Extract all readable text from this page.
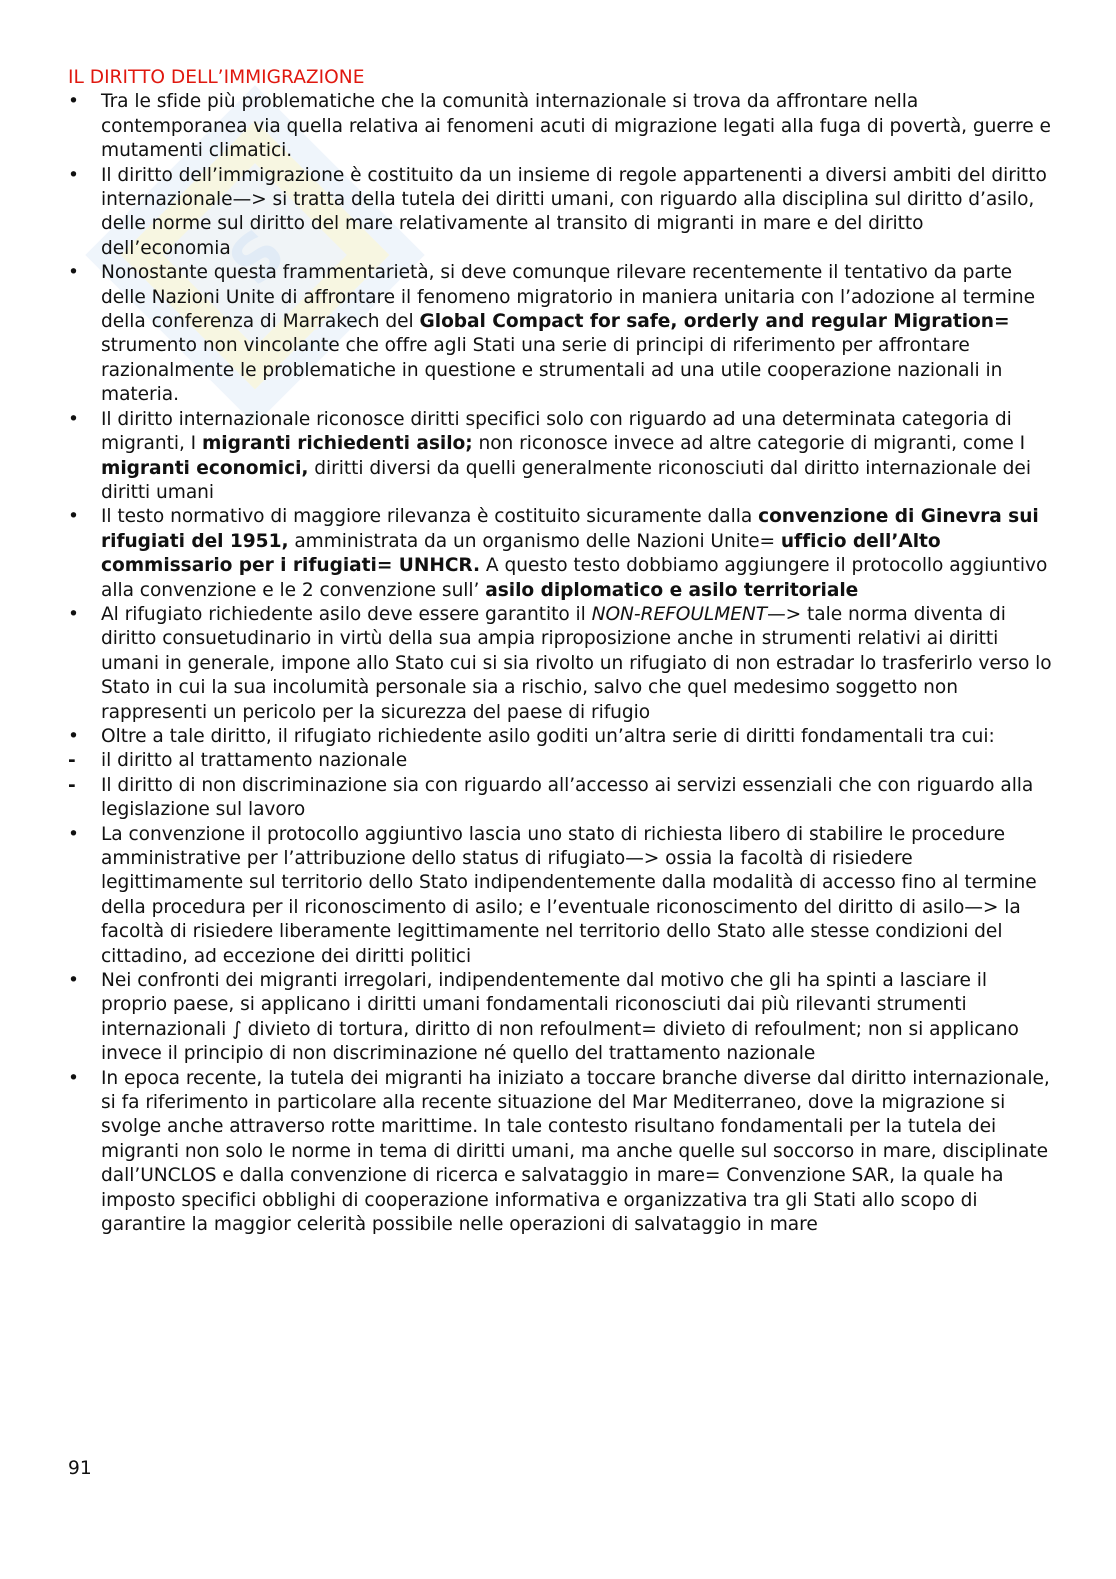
S

IL DIRITTO DELL’IMMIGRAZIONE

•	Tra le sfide più problematiche che la comunità internazionale si trova da affrontare nella contemporanea via quella relativa ai fenomeni acuti di migrazione legati alla fuga di povertà, guerre e mutamenti climatici.
•	Il diritto dell’immigrazione è costituito da un insieme di regole appartenenti a diversi ambiti del diritto internazionale—> si tratta della tutela dei diritti umani, con riguardo alla disciplina sul diritto d’asilo, delle norme sul diritto del mare relativamente al transito di migranti in mare e del diritto dell’economia
•	Nonostante questa frammentarietà, si deve comunque rilevare recentemente il tentativo da parte delle Nazioni Unite di affrontare il fenomeno migratorio in maniera unitaria con l’adozione al termine della conferenza di Marrakech del Global Compact for safe, orderly and regular Migration= strumento non vincolante che offre agli Stati una serie di principi di riferimento per affrontare razionalmente le problematiche in questione e strumentali ad una utile cooperazione nazionali in materia.
•	Il diritto internazionale riconosce diritti specifici solo con riguardo ad una determinata categoria di migranti, I migranti richiedenti asilo; non riconosce invece ad altre categorie di migranti, come I migranti economici, diritti diversi da quelli generalmente riconosciuti dal diritto internazionale dei diritti umani
•	Il testo normativo di maggiore rilevanza è costituito sicuramente dalla convenzione di Ginevra sui rifugiati del 1951, amministrata da un organismo delle Nazioni Unite= ufficio dell’Alto commissario per i rifugiati= UNHCR. A questo testo dobbiamo aggiungere il protocollo aggiuntivo alla convenzione e le 2 convenzione sull’ asilo diplomatico e asilo territoriale
•	Al rifugiato richiedente asilo deve essere garantito il NON-REFOULMENT—> tale norma diventa di diritto consuetudinario in virtù della sua ampia riproposizione anche in strumenti relativi ai diritti umani in generale, impone allo Stato cui si sia rivolto un rifugiato di non estradar lo trasferirlo verso lo Stato in cui la sua incolumità personale sia a rischio, salvo che quel medesimo soggetto non rappresenti un pericolo per la sicurezza del paese di rifugio
•	Oltre a tale diritto, il rifugiato richiedente asilo goditi un’altra serie di diritti fondamentali tra cui:
-	il diritto al trattamento nazionale
-	Il diritto di non discriminazione sia con riguardo all’accesso ai servizi essenziali che con riguardo alla legislazione sul lavoro
•	La convenzione il protocollo aggiuntivo lascia uno stato di richiesta libero di stabilire le procedure amministrative per l’attribuzione dello status di rifugiato—> ossia la facoltà di risiedere legittimamente sul territorio dello Stato indipendentemente dalla modalità di accesso fino al termine della procedura per il riconoscimento di asilo; e l’eventuale riconoscimento del diritto di asilo—> la facoltà di risiedere liberamente legittimamente nel territorio dello Stato alle stesse condizioni del cittadino, ad eccezione dei diritti politici
•	Nei confronti dei migranti irregolari, indipendentemente dal motivo che gli ha spinti a lasciare il proprio paese, si applicano i diritti umani fondamentali riconosciuti dai più rilevanti strumenti internazionali ∫ divieto di tortura, diritto di non refoulment= divieto di refoulment; non si applicano invece il principio di non discriminazione né quello del trattamento nazionale
•	In epoca recente, la tutela dei migranti ha iniziato a toccare branche diverse dal diritto internazionale, si fa riferimento in particolare alla recente situazione del Mar Mediterraneo, dove la migrazione si svolge anche attraverso rotte marittime. In tale contesto risultano fondamentali per la tutela dei migranti non solo le norme in tema di diritti umani, ma anche quelle sul soccorso in mare, disciplinate dall’UNCLOS e dalla convenzione di ricerca e salvataggio in mare= Convenzione SAR, la quale ha imposto specifici obblighi di cooperazione informativa e organizzativa tra gli Stati allo scopo di garantire la maggior celerità possibile nelle operazioni di salvataggio in mare
91
